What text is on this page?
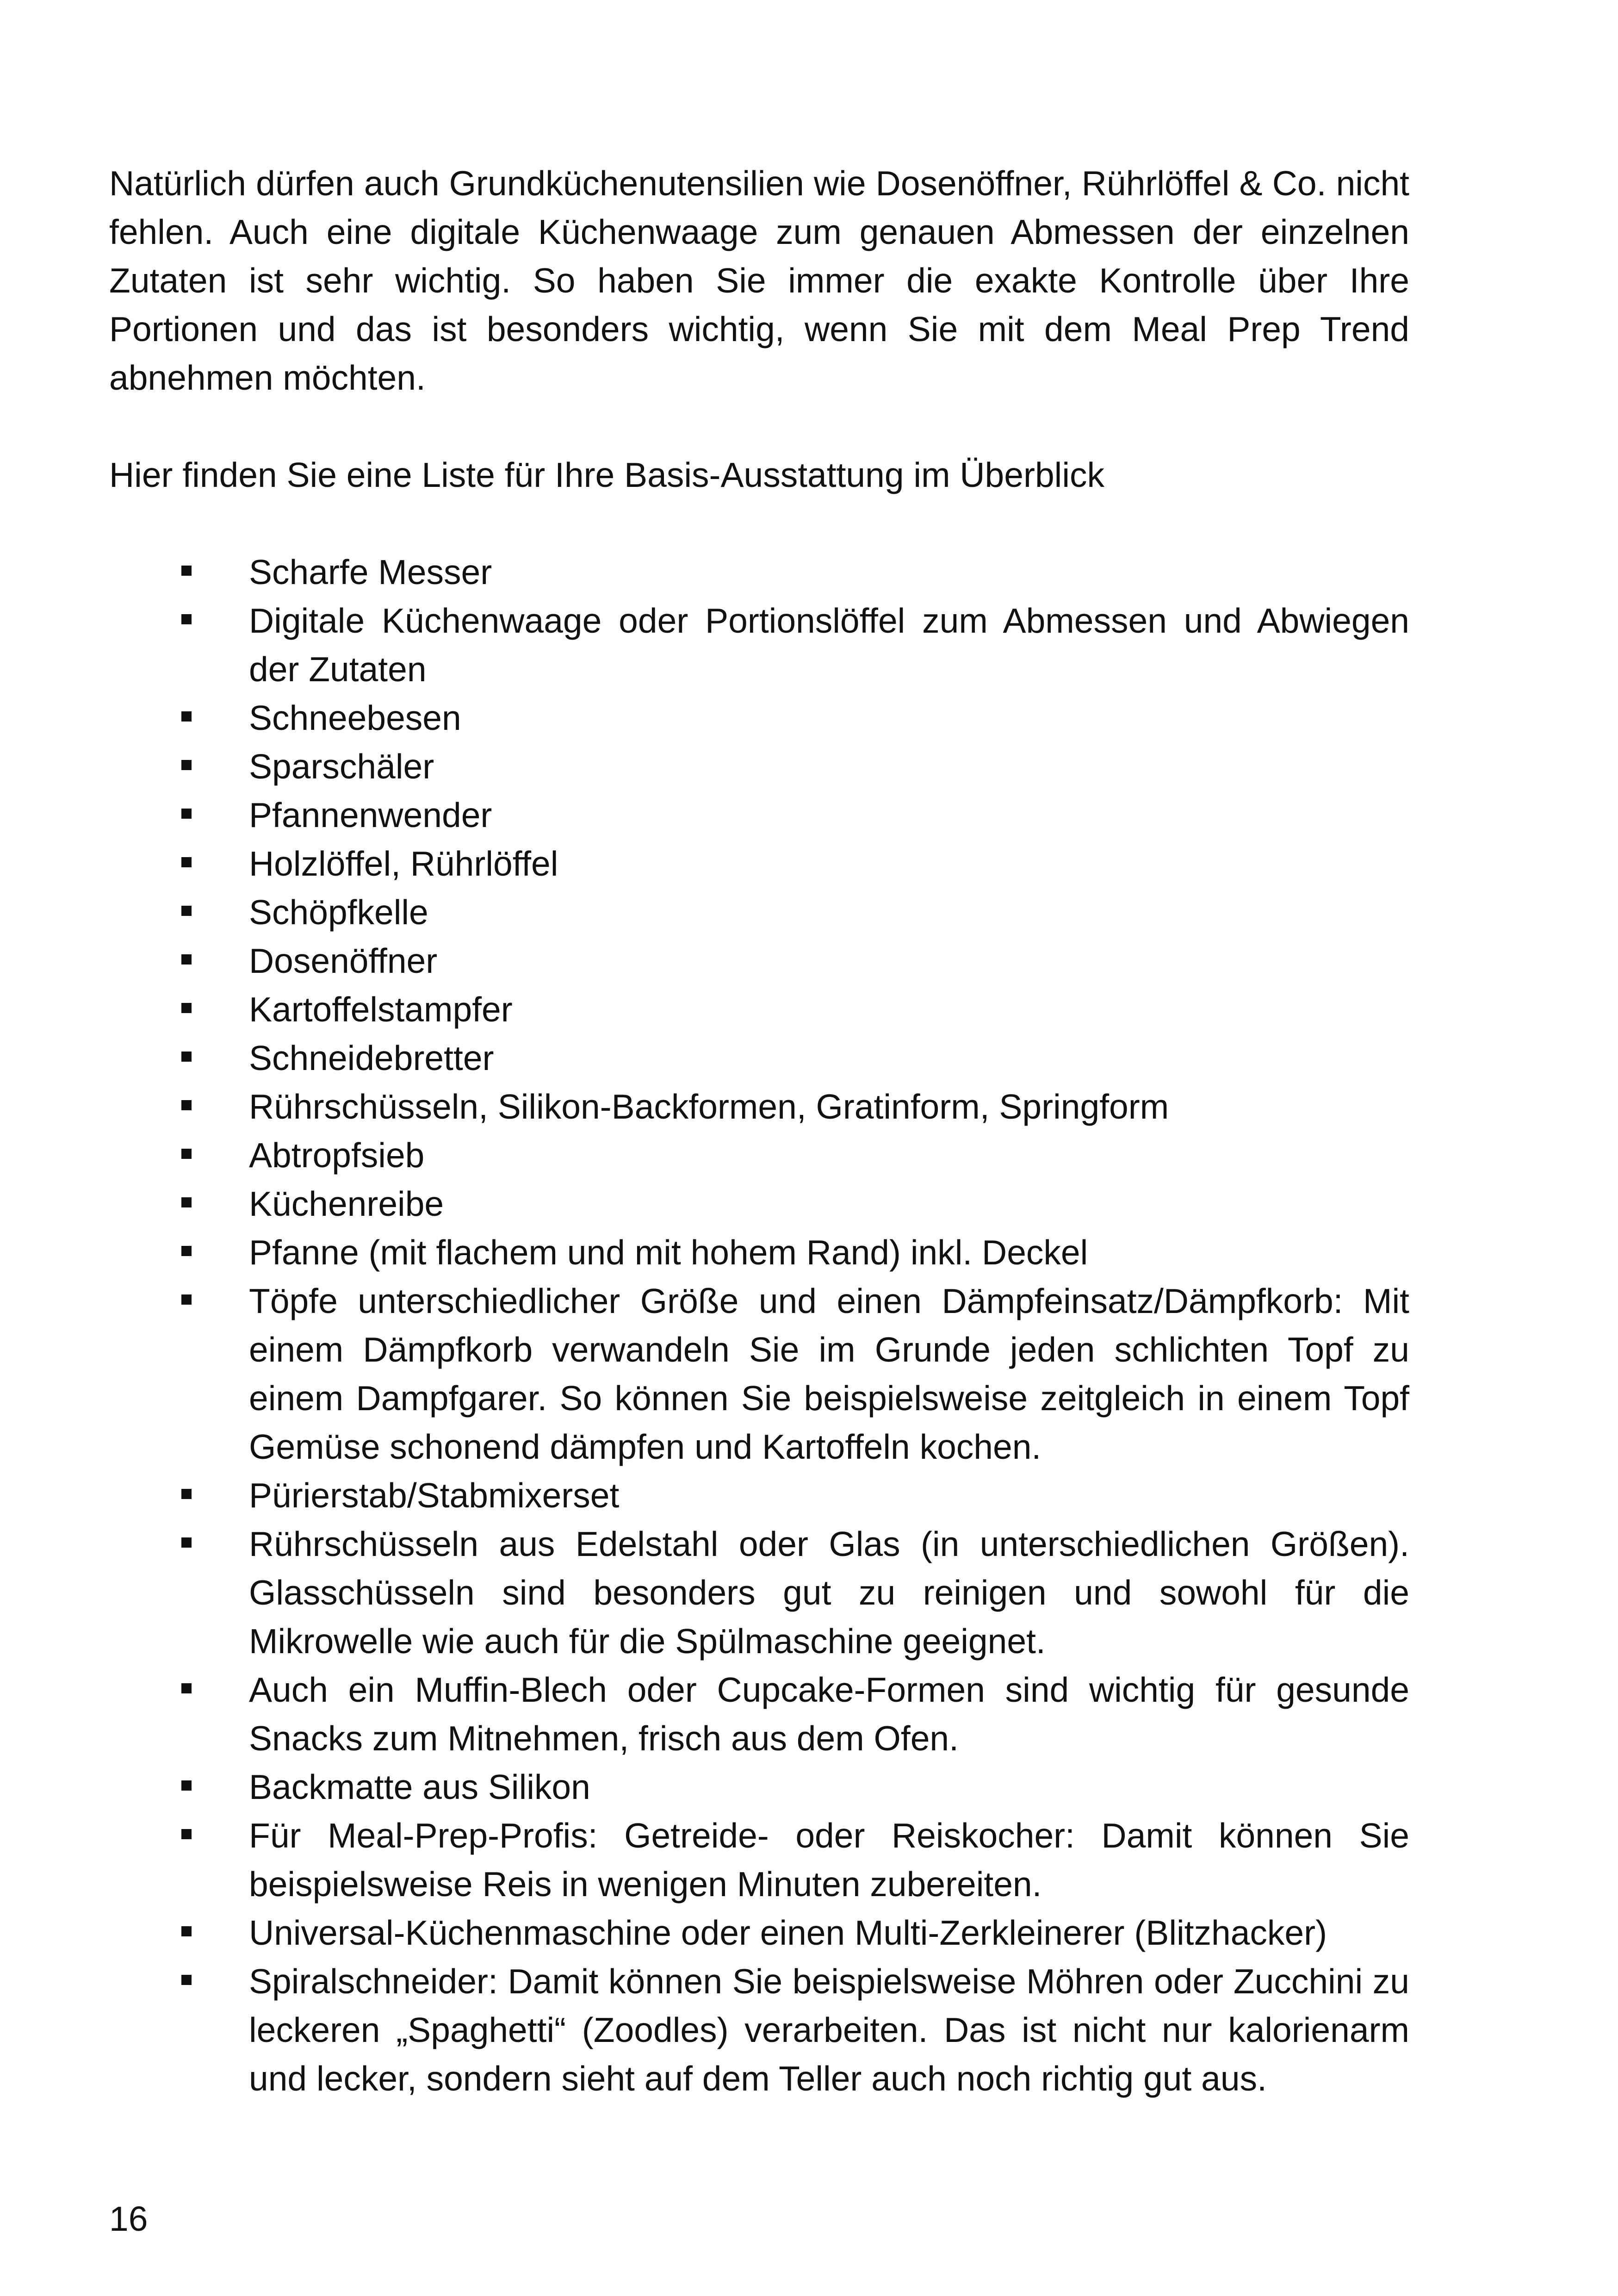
Natürlich dürfen auch Grundküchenutensilien wie Dosenöffner, Rührlöffel & Co. nicht fehlen. Auch eine digitale Küchenwaage zum genauen Abmessen der einzelnen Zutaten ist sehr wichtig. So haben Sie immer die exakte Kontrolle über Ihre Portionen und das ist besonders wichtig, wenn Sie mit dem Meal Prep Trend abnehmen möchten.

Hier finden Sie eine Liste für Ihre Basis-Ausstattung im Überblick

Scharfe Messer
Digitale Küchenwaage oder Portionslöffel zum Abmessen und Abwiegen der Zutaten
Schneebesen
Sparschäler
Pfannenwender
Holzlöffel, Rührlöffel
Schöpfkelle
Dosenöffner
Kartoffelstampfer
Schneidebretter
Rührschüsseln, Silikon-Backformen, Gratinform, Springform
Abtropfsieb
Küchenreibe
Pfanne (mit flachem und mit hohem Rand) inkl. Deckel
Töpfe unterschiedlicher Größe und einen Dämpfeinsatz/Dämpfkorb: Mit einem Dämpfkorb verwandeln Sie im Grunde jeden schlichten Topf zu einem Dampfgarer. So können Sie beispielsweise zeitgleich in einem Topf Gemüse schonend dämpfen und Kartoffeln kochen.
Pürierstab/Stabmixerset
Rührschüsseln aus Edelstahl oder Glas (in unterschiedlichen Größen). Glasschüsseln sind besonders gut zu reinigen und sowohl für die Mikrowelle wie auch für die Spülmaschine geeignet.
Auch ein Muffin-Blech oder Cupcake-Formen sind wichtig für gesunde Snacks zum Mitnehmen, frisch aus dem Ofen.
Backmatte aus Silikon
Für Meal-Prep-Profis: Getreide- oder Reiskocher: Damit können Sie beispielsweise Reis in wenigen Minuten zubereiten.
Universal-Küchenmaschine oder einen Multi-Zerkleinerer (Blitzhacker)
Spiralschneider: Damit können Sie beispielsweise Möhren oder Zucchini zu leckeren „Spaghetti“ (Zoodles) verarbeiten. Das ist nicht nur kalorienarm und lecker, sondern sieht auf dem Teller auch noch richtig gut aus.
16
